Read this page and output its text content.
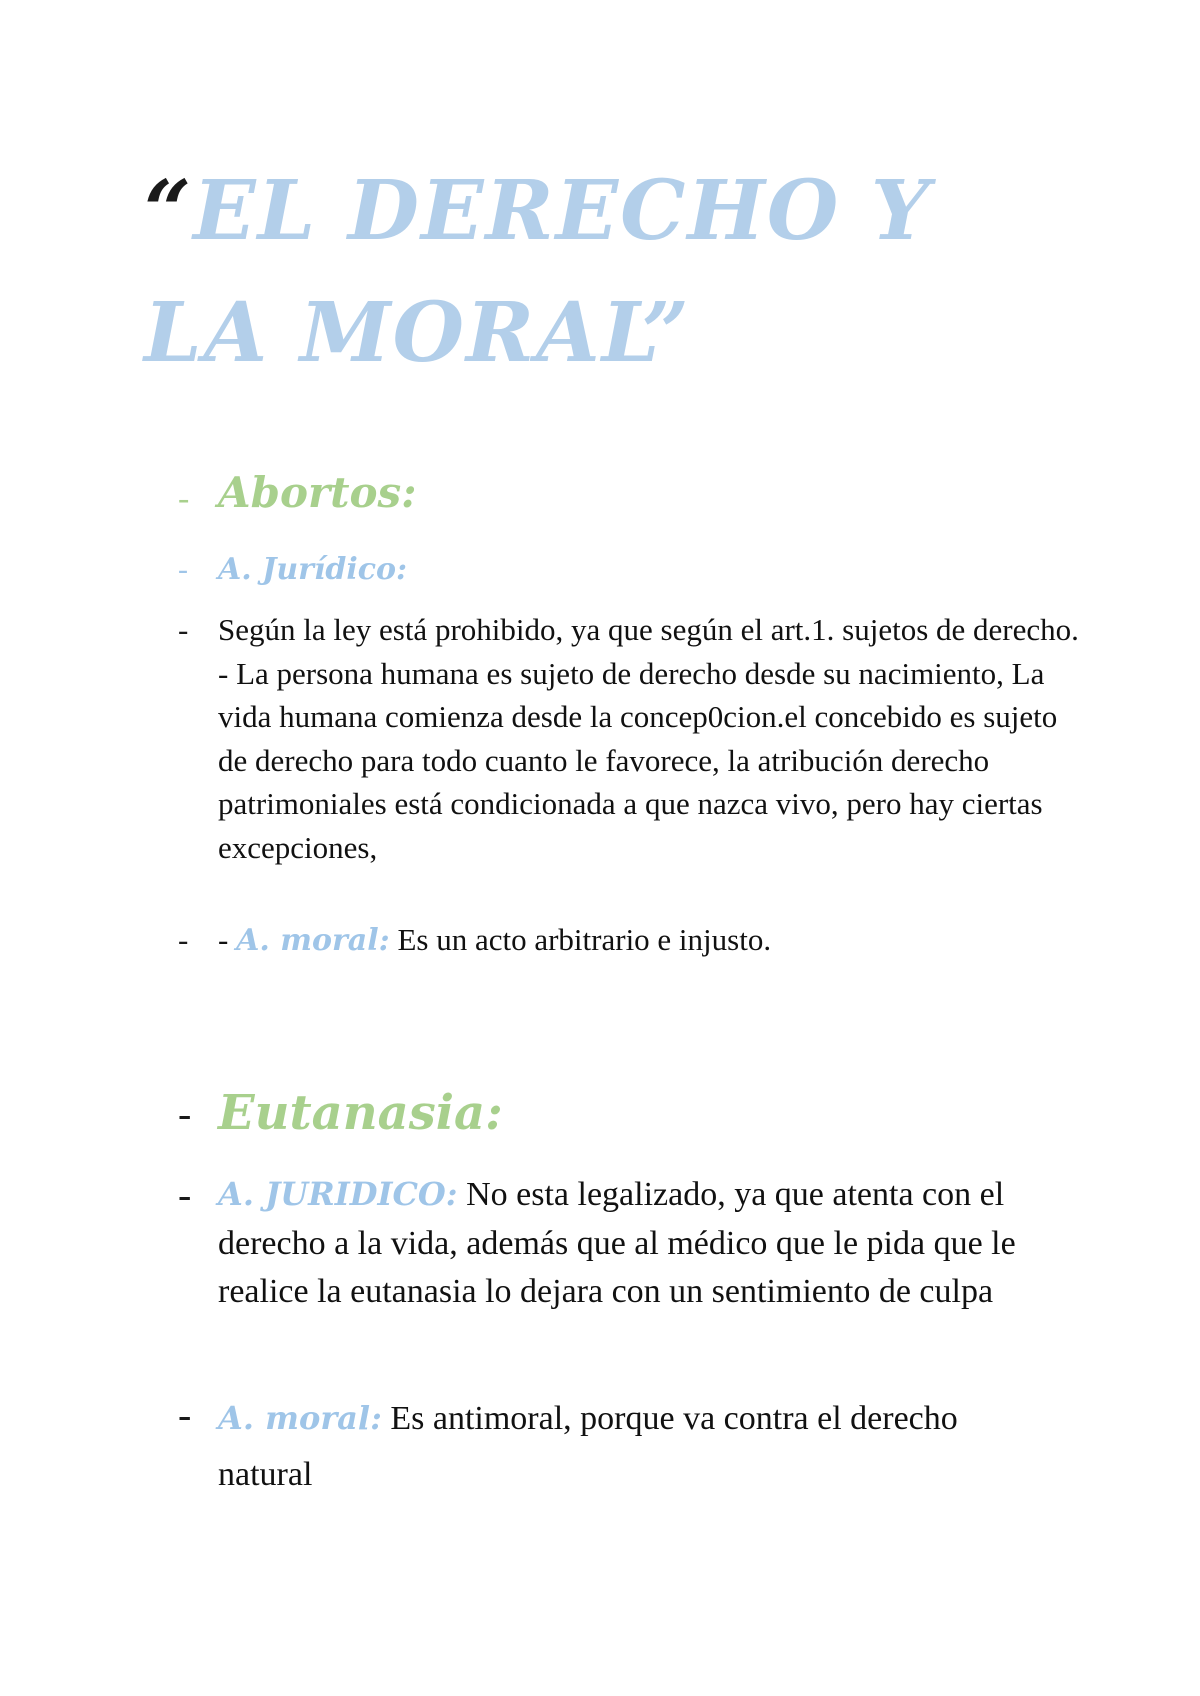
“EL DERECHO Y
LA MORAL”
- Abortos:
- A. Jurídico:
- Según la ley está prohibido, ya que según el art.1. sujetos de derecho. - La persona humana es sujeto de derecho desde su nacimiento, La vida humana comienza desde la concep0cion.el concebido es sujeto de derecho para todo cuanto le favorece, la atribución derecho patrimoniales está condicionada a que nazca vivo, pero hay ciertas excepciones,
- - A. moral: Es un acto arbitrario e injusto.
- Eutanasia:
- A. JURIDICO: No esta legalizado, ya que atenta con el derecho a la vida, además que al médico que le pida que le realice la eutanasia lo dejara con un sentimiento de culpa
- A. moral: Es antimoral, porque va contra el derecho natural
